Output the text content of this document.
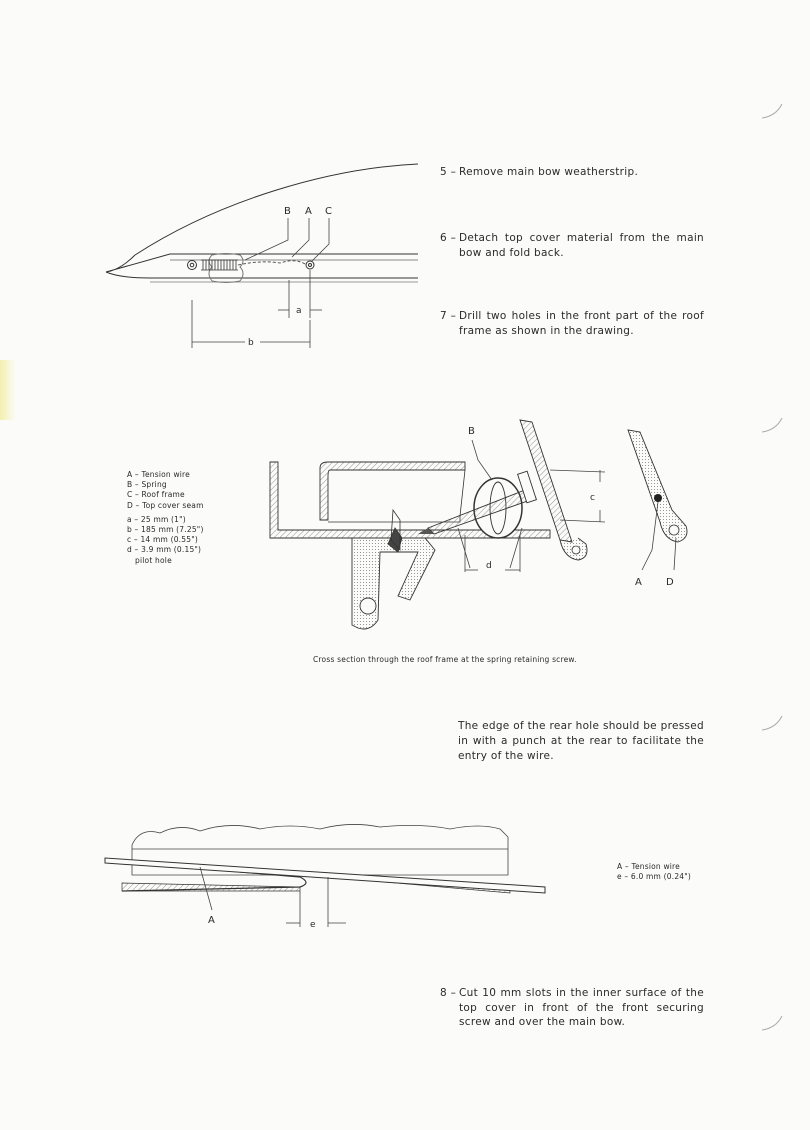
B A C
a
b
5 – Remove main bow weatherstrip.
6 – Detach top cover material from the main bow and fold back.
7 – Drill two holes in the front part of the roof frame as shown in the drawing.
A – Tension wire
B – Spring
C – Roof frame
D – Top cover seam
a – 25 mm (1")
b – 185 mm (7.25")
c – 14 mm (0.55")
d – 3.9 mm (0.15")
pilot hole
B
c
d
A D
Cross section through the roof frame at the spring retaining screw.
The edge of the rear hole should be pressed in with a punch at the rear to facilitate the entry of the wire.
A	e
A – Tension wire
e – 6.0 mm (0.24")
8 – Cut 10 mm slots in the inner surface of the top cover in front of the front securing screw and over the main bow.
